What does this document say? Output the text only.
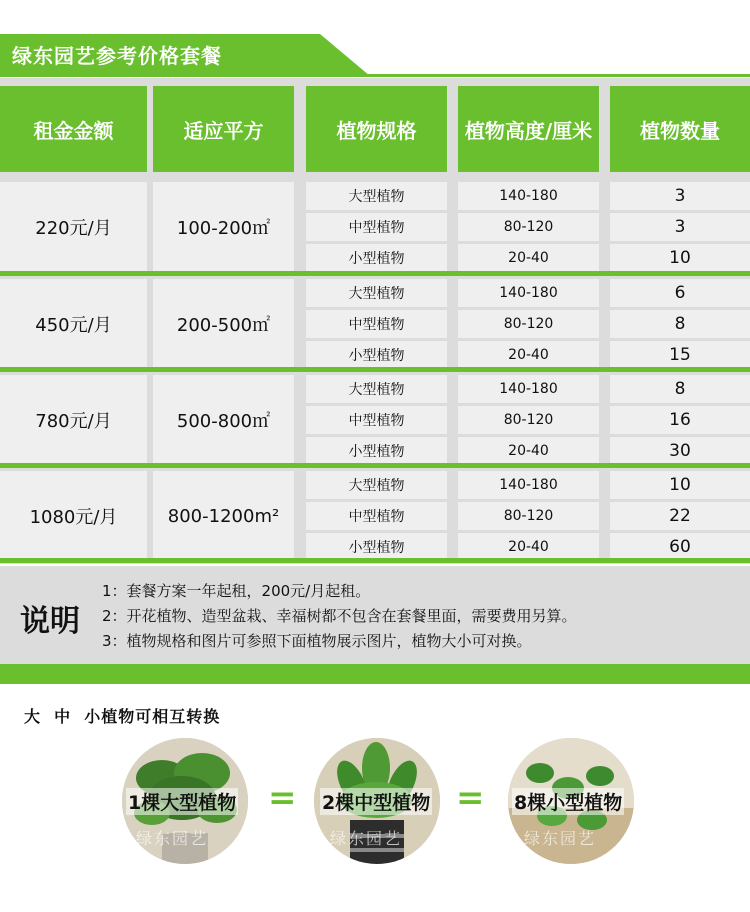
绿东园艺参考价格套餐
租金金额	适应平方	植物规格	植物高度/厘米	植物数量
220元/月	100-200㎡
大型植物	140-180	3
中型植物	80-120	3
小型植物	20-40	10
450元/月	200-500㎡
大型植物	140-180	6
中型植物	80-120	8
小型植物	20-40	15
780元/月	500-800㎡
大型植物	140-180	8
中型植物	80-120	16
小型植物	20-40	30
1080元/月	800-1200m²
大型植物	140-180	10
中型植物	80-120	22
小型植物	20-40	60
说明
1：套餐方案一年起租，200元/月起租。
2：开花植物、造型盆栽、幸福树都不包含在套餐里面，需要费用另算。
3：植物规格和图片可参照下面植物展示图片，植物大小可对换。
大  中  小植物可相互转换
1棵大型植物	2棵中型植物	8棵小型植物
=	=
绿东园艺	绿东园艺	绿东园艺
